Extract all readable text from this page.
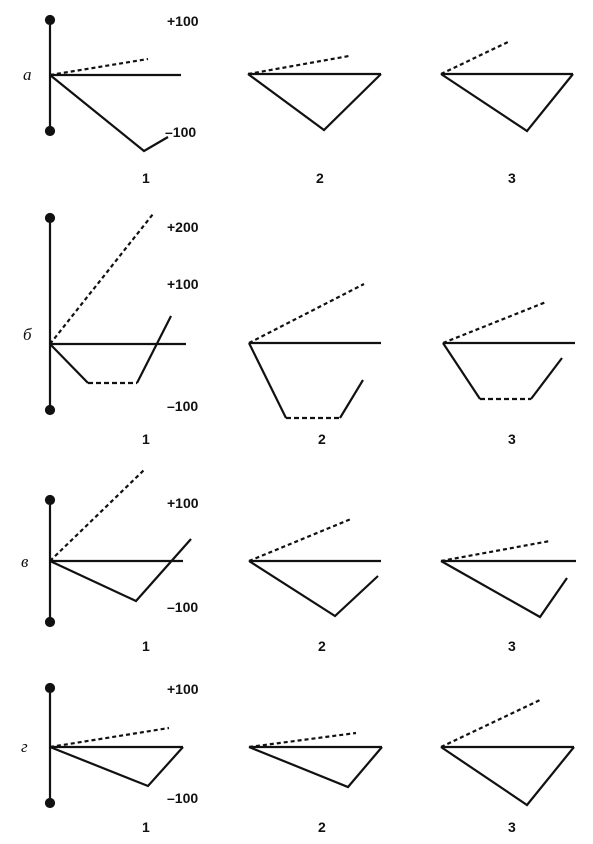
а
+100
–100
1	2	3
б
+200
+100
–100
1	2	3
в
+100
–100
1	2	3
г
+100
–100
1	2	3
